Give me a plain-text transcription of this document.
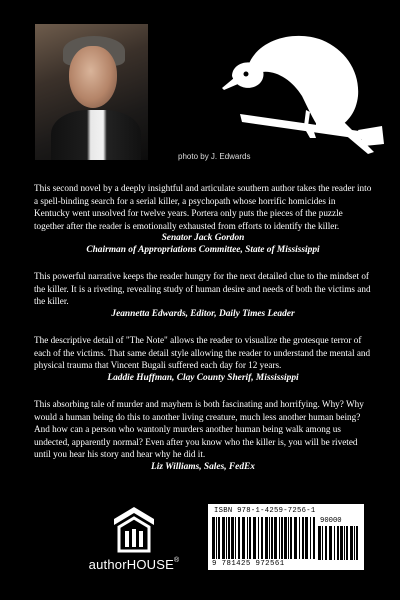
photo by J. Edwards

This second novel by a deeply insightful and articulate southern author takes the reader into a spell-binding search for a serial killer, a psychopath whose horrific homicides in Kentucky went unsolved for twelve years. Portera only puts the pieces of the puzzle together after the reader is emotionally exhausted from efforts to identify the killer.

Senator Jack Gordon
Chairman of Appropriations Committee, State of Mississippi

This powerful narrative keeps the reader hungry for the next detailed clue to the mindset of the killer. It is a riveting, revealing study of human desire and needs of both the victims and the killer.

Jeannetta Edwards, Editor, Daily Times Leader

The descriptive detail of "The Note" allows the reader to visualize the grotesque terror of each of the victims. That same detail style allowing the reader to understand the mental and physical trauma that Vincent Bugali suffered each day for 12 years.

Laddie Huffman, Clay County Sherif, Mississippi

This absorbing tale of murder and mayhem is both fascinating and horrifying. Why? Why would a human being do this to another living creature, much less another human being? And how can a person who wantonly murders another human being walk among us undected, apparently normal? Even after you know who the killer is, you will be riveted until you hear his story and hear why he did it.

Liz Williams, Sales, FedEx
authorHOUSE®
ISBN 978-1-4259-7256-1
90000
9 781425 972561
